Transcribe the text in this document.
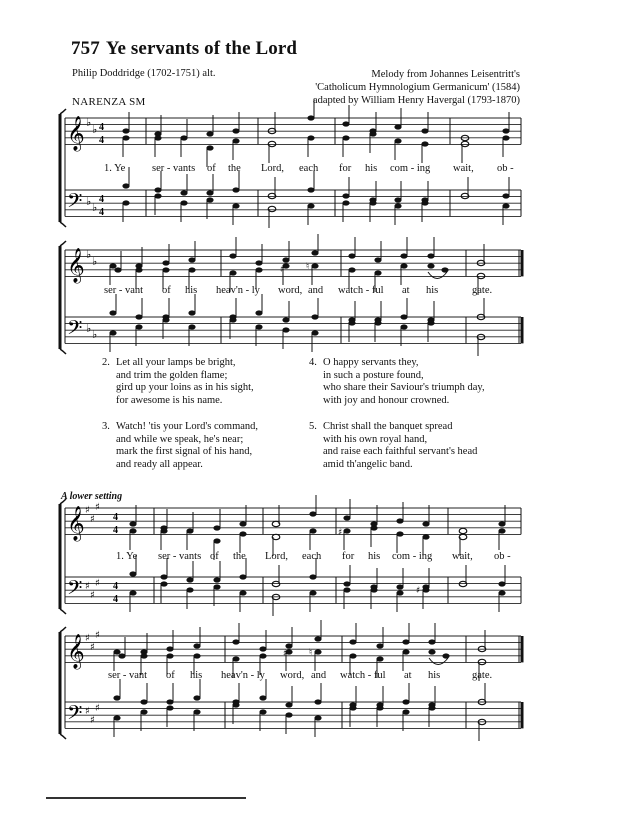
757 Ye servants of the Lord
Philip Doddridge (1702-1751) alt.	Melody from Johannes Leisentritt's
'Catholicum Hymnologium Germanicum' (1584)
adapted by William Henry Havergal (1793-1870)
NARENZA SM
𝄞
𝄢
♭
♭
♭ ♭
4
4
4
4
𝄞
𝄢
♭
♭
♭ ♭
♯ ♮
𝄞
𝄢
♯
♯
♯
♯
♯
♯
4
4
4
4
♯
♯
𝄞
𝄢
♯
♯
♯
♯
♯
♯
♯ ♮
1. Ye	ser - vants of the Lord, each for his com - ing wait, ob -
ser - vant of his heav'n - ly word, and watch - ful at his	gate.
2. Let all your lamps be bright,
and trim the golden flame;
gird up your loins as in his sight,
for awesome is his name.
3. Watch! 'tis your Lord's command,
and while we speak, he's near;
mark the first signal of his hand,
and ready all appear.
4. O happy servants they,
in such a posture found,
who share their Saviour's triumph day,
with joy and honour crowned.
5. Christ shall the banquet spread
with his own royal hand,
and raise each faithful servant's head
amid th'angelic band.
A lower setting
1. Ye ser - vants of the Lord, each for his com - ing wait, ob -
ser - vant of his heav'n - ly word, and watch - ful at his	gate.
